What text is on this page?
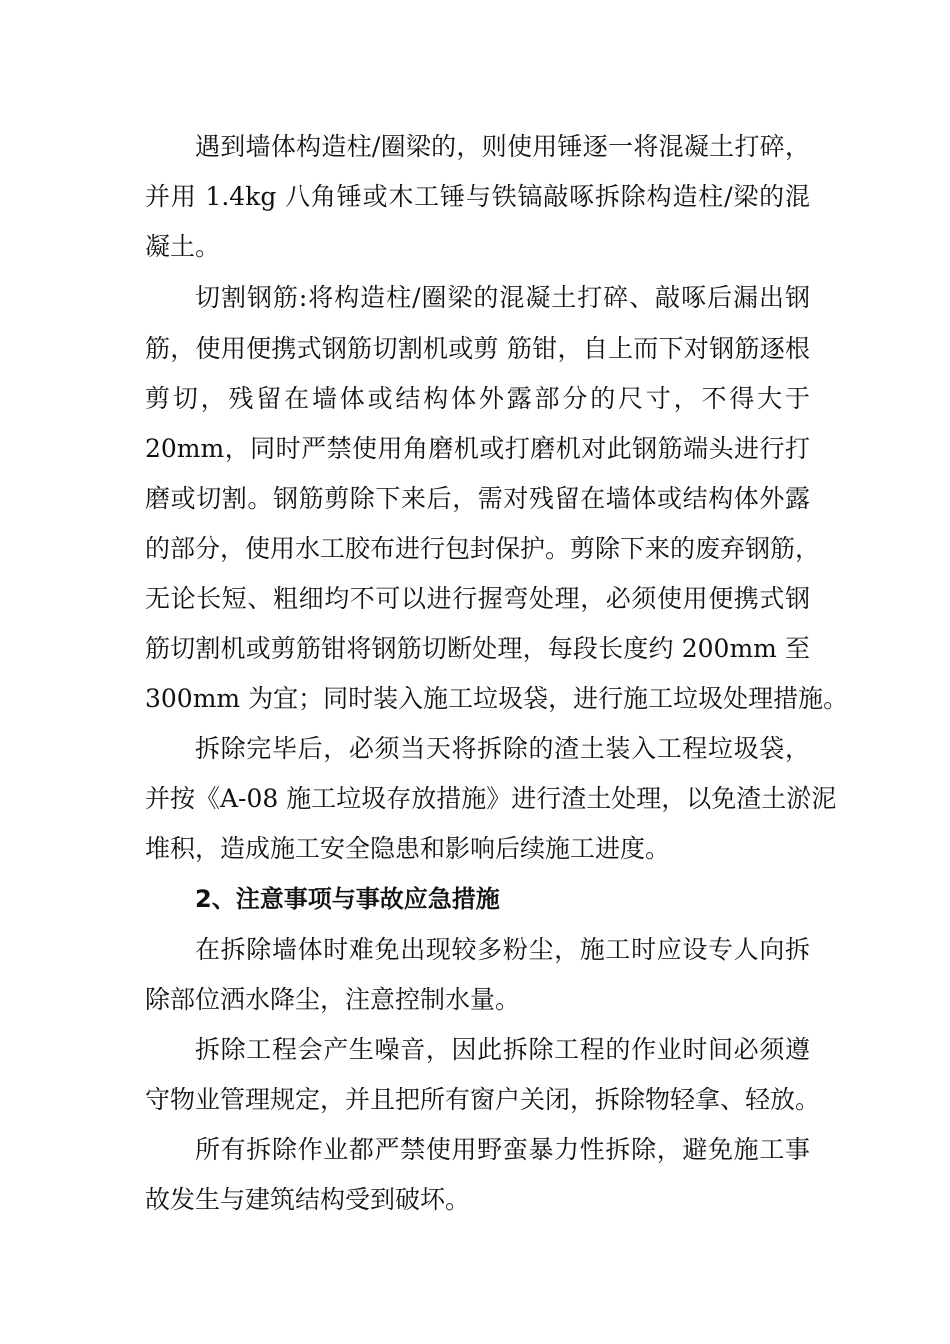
遇到墙体构造柱/圈梁的，则使用锤逐一将混凝土打碎，
并用 1.4kg 八角锤或木工锤与铁镐敲啄拆除构造柱/梁的混
凝土。
切割钢筋:将构造柱/圈梁的混凝土打碎、敲啄后漏出钢
筋，使用便携式钢筋切割机或剪 筋钳，自上而下对钢筋逐根
剪切，残留在墙体或结构体外露部分的尺寸，不得大于
20mm，同时严禁使用角磨机或打磨机对此钢筋端头进行打
磨或切割。钢筋剪除下来后，需对残留在墙体或结构体外露
的部分，使用水工胶布进行包封保护。剪除下来的废弃钢筋，
无论长短、粗细均不可以进行握弯处理，必须使用便携式钢
筋切割机或剪筋钳将钢筋切断处理，每段长度约 200mm 至
300mm 为宜；同时装入施工垃圾袋，进行施工垃圾处理措施。
拆除完毕后，必须当天将拆除的渣土装入工程垃圾袋，
并按《A-08 施工垃圾存放措施》进行渣土处理，以免渣土淤泥
堆积，造成施工安全隐患和影响后续施工进度。
2、注意事项与事故应急措施
在拆除墙体时难免出现较多粉尘，施工时应设专人向拆
除部位洒水降尘，注意控制水量。
拆除工程会产生噪音，因此拆除工程的作业时间必须遵
守物业管理规定，并且把所有窗户关闭，拆除物轻拿、轻放。
所有拆除作业都严禁使用野蛮暴力性拆除，避免施工事
故发生与建筑结构受到破坏。
